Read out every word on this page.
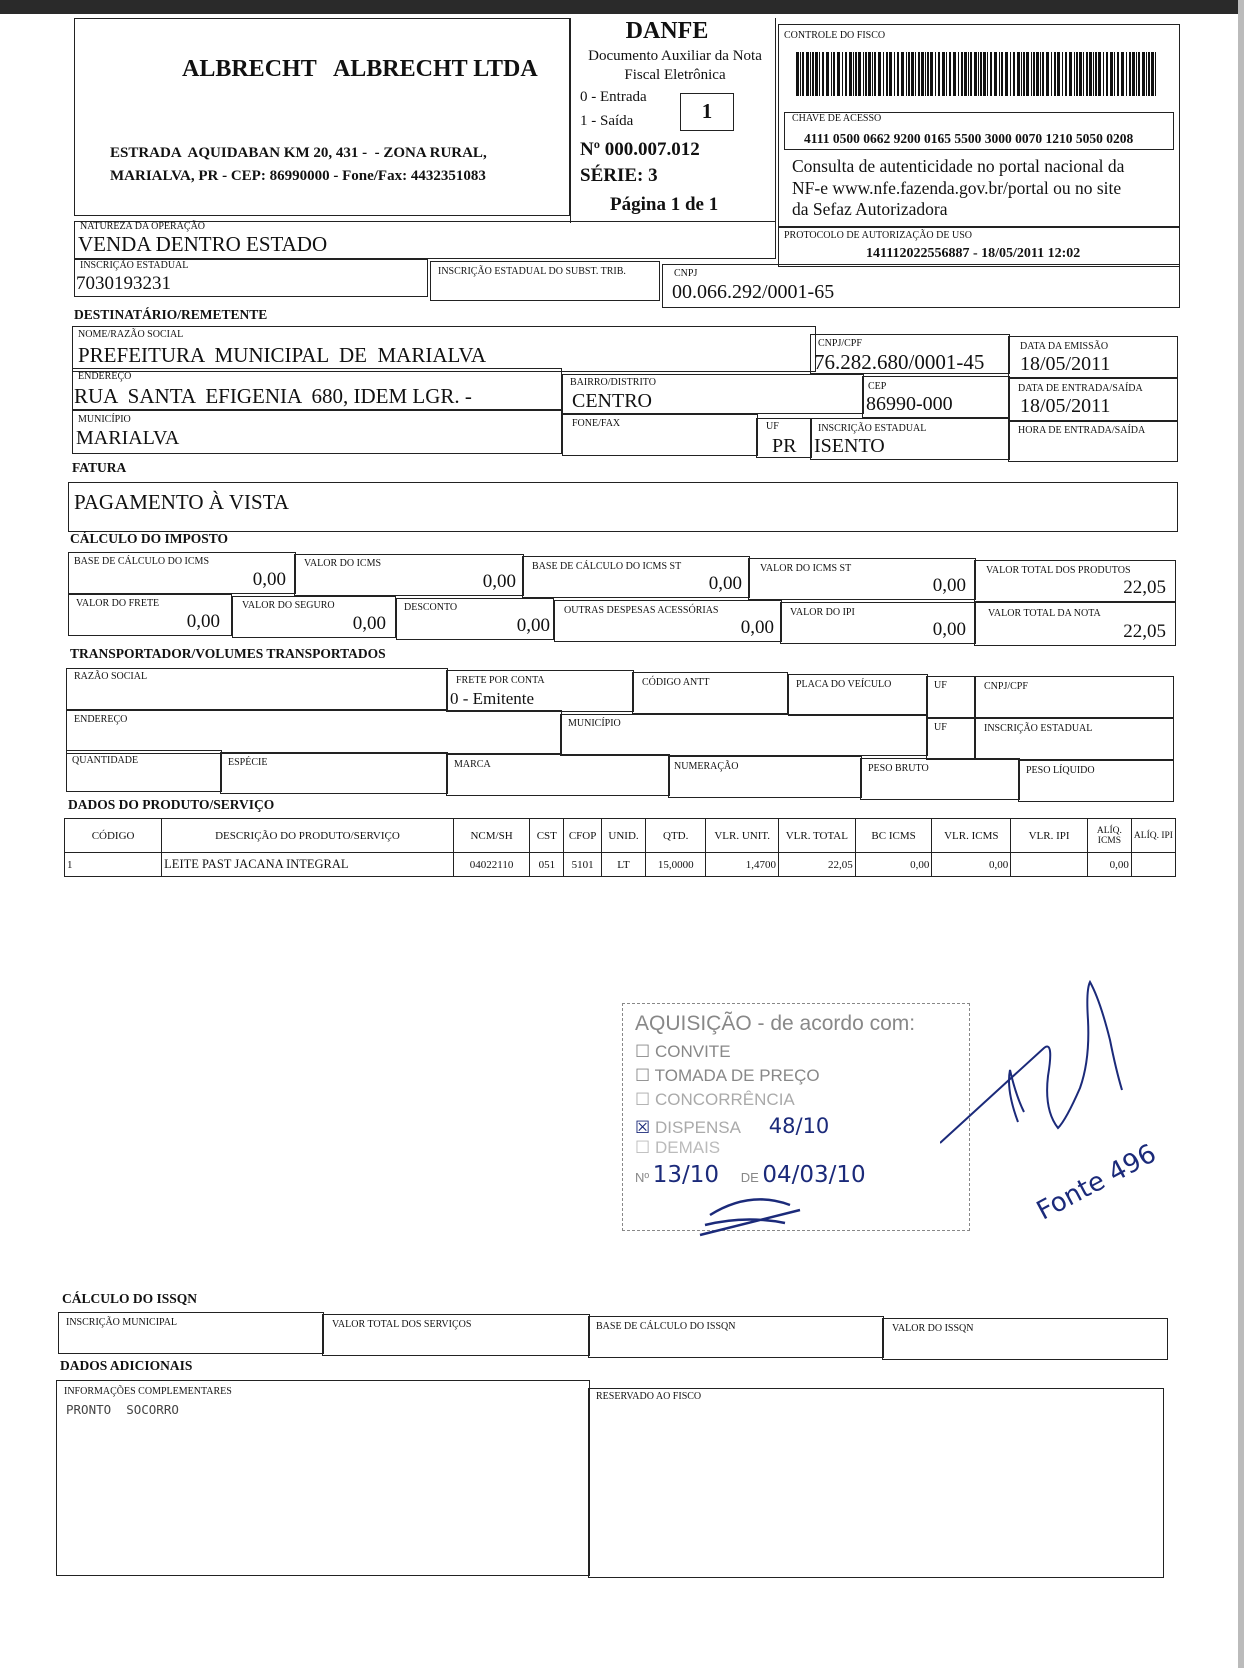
ALBRECHT   ALBRECHT LTDA
ESTRADA  AQUIDABAN KM 20, 431 -  - ZONA RURAL,
MARIALVA, PR - CEP: 86990000 - Fone/Fax: 4432351083
DANFE
Documento Auxiliar da Nota
Fiscal Eletrônica
0 - Entrada
1 - Saída	1
Nº 000.007.012
SÉRIE: 3
Página 1 de 1
CONTROLE DO FISCO
CHAVE DE ACESSO
4111 0500 0662 9200 0165 5500 3000 0070 1210 5050 0208
Consulta de autenticidade no portal nacional da
NF-e www.nfe.fazenda.gov.br/portal ou no site
da Sefaz Autorizadora
NATUREZA DA OPERAÇÃO
VENDA DENTRO ESTADO	PROTOCOLO DE AUTORIZAÇÃO DE USO
141112022556887 - 18/05/2011 12:02
INSCRIÇÃO ESTADUAL
7030193231
INSCRIÇÃO ESTADUAL DO SUBST. TRIB.	CNPJ
00.066.292/0001-65
DESTINATÁRIO/REMETENTE
NOME/RAZÃO SOCIAL
PREFEITURA  MUNICIPAL  DE  MARIALVA	CNPJ/CPF
76.282.680/0001-45
DATA DA EMISSÃO
18/05/2011
ENDEREÇO
RUA  SANTA  EFIGENIA  680, IDEM LGR. -
BAIRRO/DISTRITO
CENTRO
CEP
86990-000
DATA DE ENTRADA/SAÍDA
18/05/2011
MUNICÍPIO
MARIALVA
FONE/FAX	UF
PR
INSCRIÇÃO ESTADUAL
ISENTO
HORA DE ENTRADA/SAÍDA
FATURA
PAGAMENTO À VISTA
CÁLCULO DO IMPOSTO
BASE DE CÁLCULO DO ICMS
0,00
VALOR DO ICMS
0,00
BASE DE CÁLCULO DO ICMS ST
0,00
VALOR DO ICMS ST
0,00
VALOR TOTAL DOS PRODUTOS
22,05
VALOR DO FRETE
0,00
VALOR DO SEGURO
0,00
DESCONTO
0,00
OUTRAS DESPESAS ACESSÓRIAS
0,00
VALOR DO IPI
0,00
VALOR TOTAL DA NOTA
22,05
TRANSPORTADOR/VOLUMES TRANSPORTADOS
RAZÃO SOCIAL	FRETE POR CONTA
0 - Emitente
CÓDIGO ANTT	PLACA DO VEÍCULO	UF	CNPJ/CPF
ENDEREÇO	MUNICÍPIO	UF	INSCRIÇÃO ESTADUAL
QUANTIDADE	ESPÉCIE	MARCA	NUMERAÇÃO	PESO BRUTO	PESO LÍQUIDO
DADOS DO PRODUTO/SERVIÇO
CÓDIGO	DESCRIÇÃO DO PRODUTO/SERVIÇO	NCM/SH	CST	CFOP	UNID.	QTD.	VLR. UNIT.	VLR. TOTAL	BC ICMS	VLR. ICMS	VLR. IPI	ALÍQ. ICMS	ALÍQ. IPI
1	LEITE PAST JACANA INTEGRAL	04022110	051	5101	LT	15,0000	1,4700	22,05	0,00	0,00		0,00	
AQUISIÇÃO - de acordo com:
☐ CONVITE
☐ TOMADA DE PREÇO
☐ CONCORRÊNCIA
☒ DISPENSA 48/10
☐ DEMAIS
Nº 13/10 DE 04/03/10	Fonte 496
CÁLCULO DO ISSQN
INSCRIÇÃO MUNICIPAL	VALOR TOTAL DOS SERVIÇOS	BASE DE CÁLCULO DO ISSQN	VALOR DO ISSQN
DADOS ADICIONAIS
INFORMAÇÕES COMPLEMENTARES
PRONTO  SOCORRO
RESERVADO AO FISCO
